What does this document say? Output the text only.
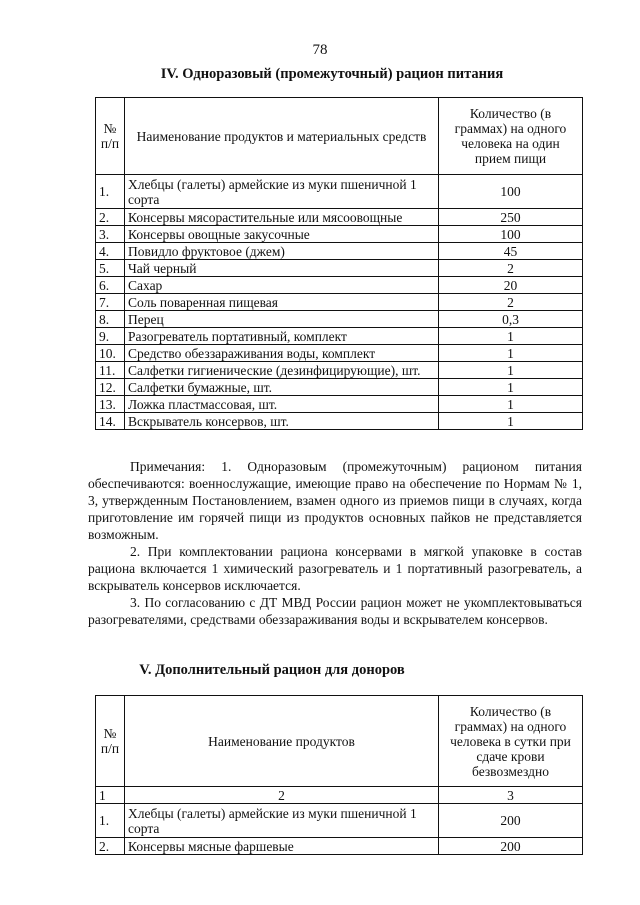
78
IV. Одноразовый (промежуточный) рацион питания
№ п/п	Наименование продуктов и материальных средств	Количество (в граммах) на одного человека на один прием пищи
1.	Хлебцы (галеты) армейские из муки пшеничной 1 сорта	100
2.	Консервы мясорастительные или мясоовощные	250
3.	Консервы овощные закусочные	100
4.	Повидло фруктовое (джем)	45
5.	Чай черный	2
6.	Сахар	20
7.	Соль поваренная пищевая	2
8.	Перец	0,3
9.	Разогреватель портативный, комплект	1
10.	Средство обеззараживания воды, комплект	1
11.	Салфетки гигиенические (дезинфицирующие), шт.	1
12.	Салфетки бумажные, шт.	1
13.	Ложка пластмассовая, шт.	1
14.	Вскрыватель консервов, шт.	1

Примечания: 1. Одноразовым (промежуточным) рационом питания обеспечиваются: военнослужащие, имеющие право на обеспечение по Нормам № 1, 3, утвержденным Постановлением, взамен одного из приемов пищи в случаях, когда приготовление им горячей пищи из продуктов основных пайков не представляется возможным.

2. При комплектовании рациона консервами в мягкой упаковке в состав рациона включается 1 химический разогреватель и 1 портативный разогреватель, а вскрыватель консервов исключается.

3. По согласованию с ДТ МВД России рацион может не укомплектовываться разогревателями, средствами обеззараживания воды и вскрывателем консервов.

V. Дополнительный рацион для доноров
№ п/п	Наименование продуктов	Количество (в граммах) на одного человека в сутки при сдаче крови безвозмездно
1	2	3
1.	Хлебцы (галеты) армейские из муки пшеничной 1 сорта	200
2.	Консервы мясные фаршевые	200
